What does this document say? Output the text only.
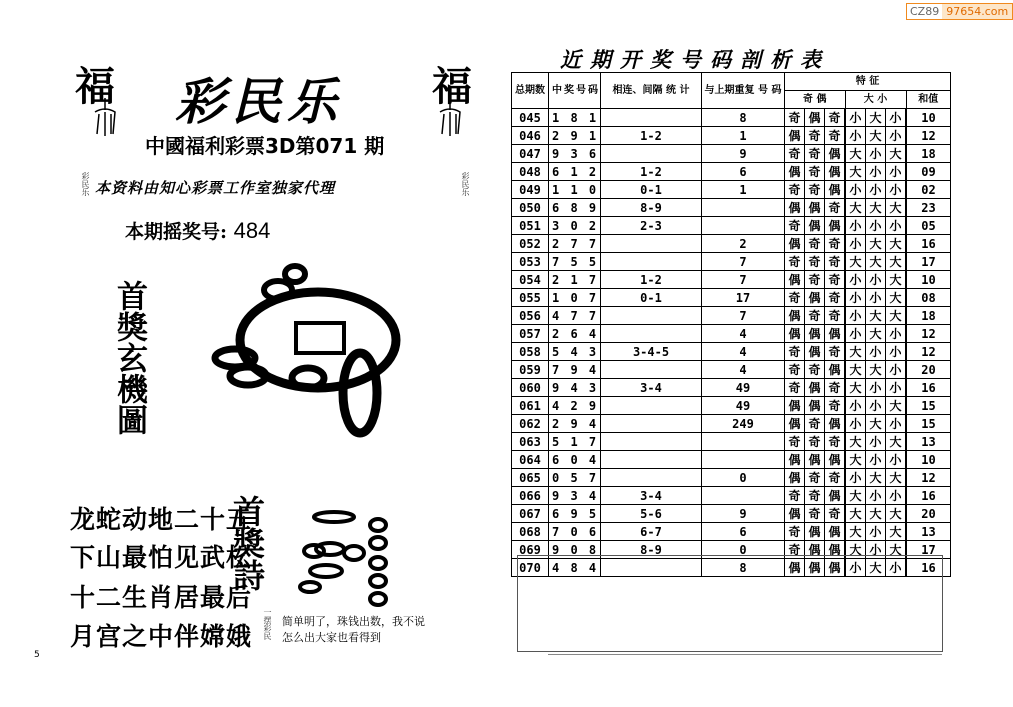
CZ89 97654.com
福	福
彩民乐
中國福利彩票3D第071 期
彩民乐	彩民乐
本资料由知心彩票工作室独家代理
本期摇奖号: 484
首獎玄機圖
龙蛇动地二十五
下山最怕见武松
十二生肖居最后
月宫之中伴嫦娥
首獎詩
一摆彩民 简单明了，珠钱出数，我不说
怎么出大家也看得到
5
近期开奖号码剖析表
总期数	中奖号码	相连、间隔 统 计	与上期重复 号 码	特 征						
				奇 偶			大 小			和值
045	1 8 1		8	奇	偶	奇	小	大	小	10
046	2 9 1	1-2	1	偶	奇	奇	小	大	小	12
047	9 3 6		9	奇	奇	偶	大	小	大	18
048	6 1 2	1-2	6	偶	奇	偶	大	小	小	09
049	1 1 0	0-1	1	奇	奇	偶	小	小	小	02
050	6 8 9	8-9		偶	偶	奇	大	大	大	23
051	3 0 2	2-3		奇	偶	偶	小	小	小	05
052	2 7 7		2	偶	奇	奇	小	大	大	16
053	7 5 5		7	奇	奇	奇	大	大	大	17
054	2 1 7	1-2	7	偶	奇	奇	小	小	大	10
055	1 0 7	0-1	17	奇	偶	奇	小	小	大	08
056	4 7 7		7	偶	奇	奇	小	大	大	18
057	2 6 4		4	偶	偶	偶	小	大	小	12
058	5 4 3	3-4-5	4	奇	偶	奇	大	小	小	12
059	7 9 4		4	奇	奇	偶	大	大	小	20
060	9 4 3	3-4	49	奇	偶	奇	大	小	小	16
061	4 2 9		49	偶	偶	奇	小	小	大	15
062	2 9 4		249	偶	奇	偶	小	大	小	15
063	5 1 7			奇	奇	奇	大	小	大	13
064	6 0 4			偶	偶	偶	大	小	小	10
065	0 5 7		0	偶	奇	奇	小	大	大	12
066	9 3 4	3-4		奇	奇	偶	大	小	小	16
067	6 9 5	5-6	9	偶	奇	奇	大	大	大	20
068	7 0 6	6-7	6	奇	偶	偶	大	小	大	13
069	9 0 8	8-9	0	奇	偶	偶	大	小	大	17
070	4 8 4		8	偶	偶	偶	小	大	小	16
